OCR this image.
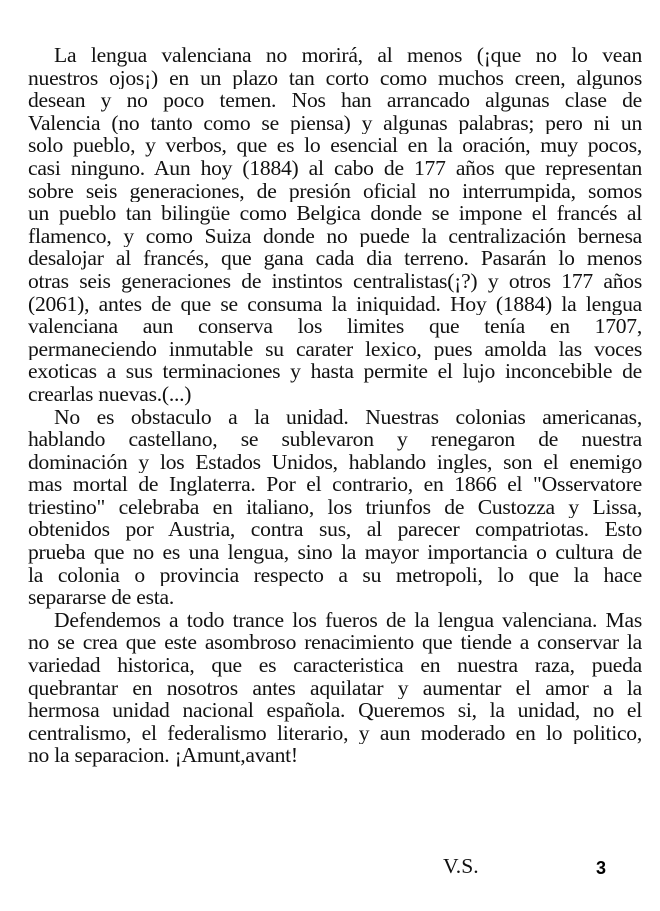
La lengua valenciana no morirá, al menos (¡que no lo vean
nuestros ojos¡) en un plazo tan corto como muchos creen, algunos
desean y no poco temen. Nos han arrancado algunas clase de
Valencia (no tanto como se piensa) y algunas palabras; pero ni un
solo pueblo, y verbos, que es lo esencial en la oración, muy pocos,
casi ninguno. Aun hoy (1884) al cabo de 177 años que representan
sobre seis generaciones, de presión oficial no interrumpida, somos
un pueblo tan bilingüe como Belgica donde se impone el francés al
flamenco, y como Suiza donde no puede la centralización bernesa
desalojar al francés, que gana cada dia terreno. Pasarán lo menos
otras seis generaciones de instintos centralistas(¡?) y otros 177 años
(2061), antes de que se consuma la iniquidad. Hoy (1884) la lengua
valenciana aun conserva los limites que tenía en 1707,
permaneciendo inmutable su carater lexico, pues amolda las voces
exoticas a sus terminaciones y hasta permite el lujo inconcebible de
crearlas nuevas.(...)
No es obstaculo a la unidad. Nuestras colonias americanas,
hablando castellano, se sublevaron y renegaron de nuestra
dominación y los Estados Unidos, hablando ingles, son el enemigo
mas mortal de Inglaterra. Por el contrario, en 1866 el "Osservatore
triestino" celebraba en italiano, los triunfos de Custozza y Lissa,
obtenidos por Austria, contra sus, al parecer compatriotas. Esto
prueba que no es una lengua, sino la mayor importancia o cultura de
la colonia o provincia respecto a su metropoli, lo que la hace
separarse de esta.
Defendemos a todo trance los fueros de la lengua valenciana. Mas
no se crea que este asombroso renacimiento que tiende a conservar la
variedad historica, que es caracteristica en nuestra raza, pueda
quebrantar en nosotros antes aquilatar y aumentar el amor a la
hermosa unidad nacional española. Queremos si, la unidad, no el
centralismo, el federalismo literario, y aun moderado en lo politico,
no la separacion. ¡Amunt,avant!
V.S.	3
